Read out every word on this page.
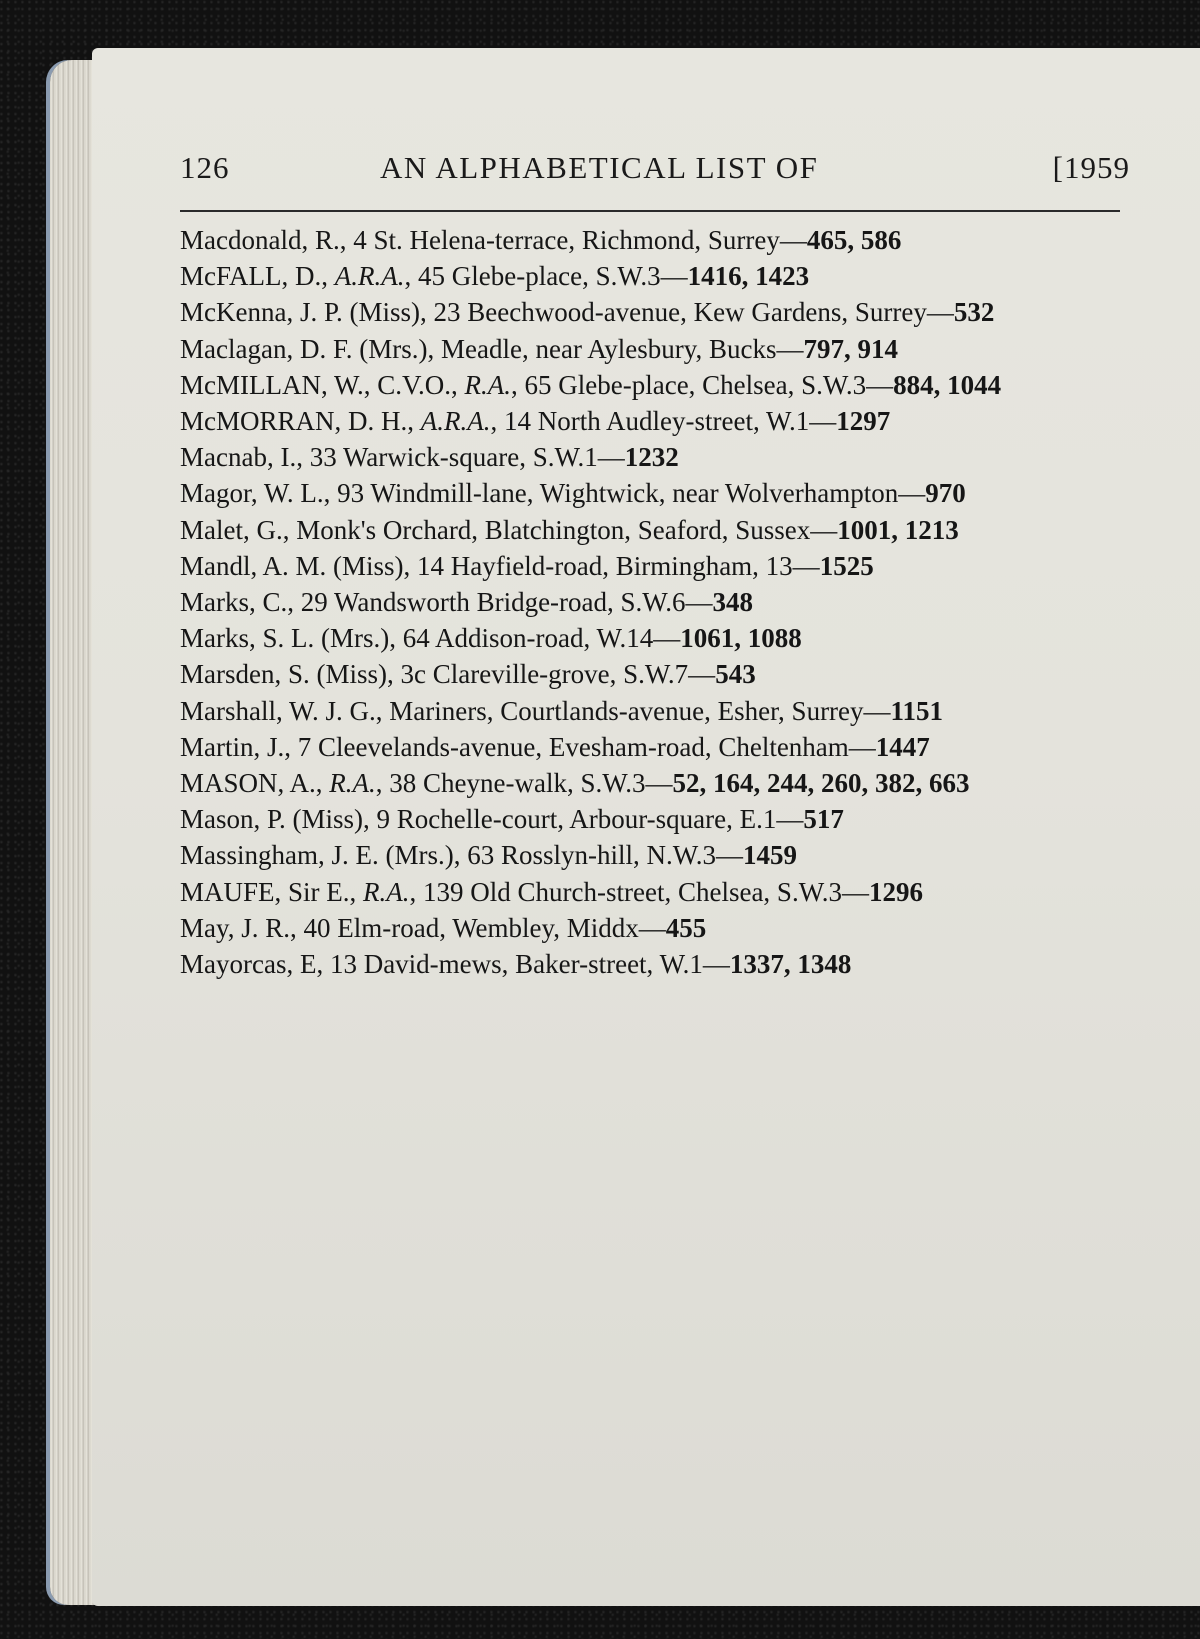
126	AN ALPHABETICAL LIST OF	[1959

Macdonald, R., 4 St. Helena-terrace, Richmond, Surrey—465, 586

McFALL, D., A.R.A., 45 Glebe-place, S.W.3—1416, 1423

McKenna, J. P. (Miss), 23 Beechwood-avenue, Kew Gardens, Surrey—532

Maclagan, D. F. (Mrs.), Meadle, near Aylesbury, Bucks—797, 914

McMILLAN, W., C.V.O., R.A., 65 Glebe-place, Chelsea, S.W.3—884, 1044

McMORRAN, D. H., A.R.A., 14 North Audley-street, W.1—1297

Macnab, I., 33 Warwick-square, S.W.1—1232

Magor, W. L., 93 Windmill-lane, Wightwick, near Wolverhampton—970

Malet, G., Monk's Orchard, Blatchington, Seaford, Sussex—1001, 1213

Mandl, A. M. (Miss), 14 Hayfield-road, Birmingham, 13—1525

Marks, C., 29 Wandsworth Bridge-road, S.W.6—348

Marks, S. L. (Mrs.), 64 Addison-road, W.14—1061, 1088

Marsden, S. (Miss), 3c Clareville-grove, S.W.7—543

Marshall, W. J. G., Mariners, Courtlands-avenue, Esher, Surrey—1151

Martin, J., 7 Cleevelands-avenue, Evesham-road, Cheltenham—1447

MASON, A., R.A., 38 Cheyne-walk, S.W.3—52, 164, 244, 260, 382, 663

Mason, P. (Miss), 9 Rochelle-court, Arbour-square, E.1—517

Massingham, J. E. (Mrs.), 63 Rosslyn-hill, N.W.3—1459

MAUFE, Sir E., R.A., 139 Old Church-street, Chelsea, S.W.3—1296

May, J. R., 40 Elm-road, Wembley, Middx—455

Mayorcas, E, 13 David-mews, Baker-street, W.1—1337, 1348
